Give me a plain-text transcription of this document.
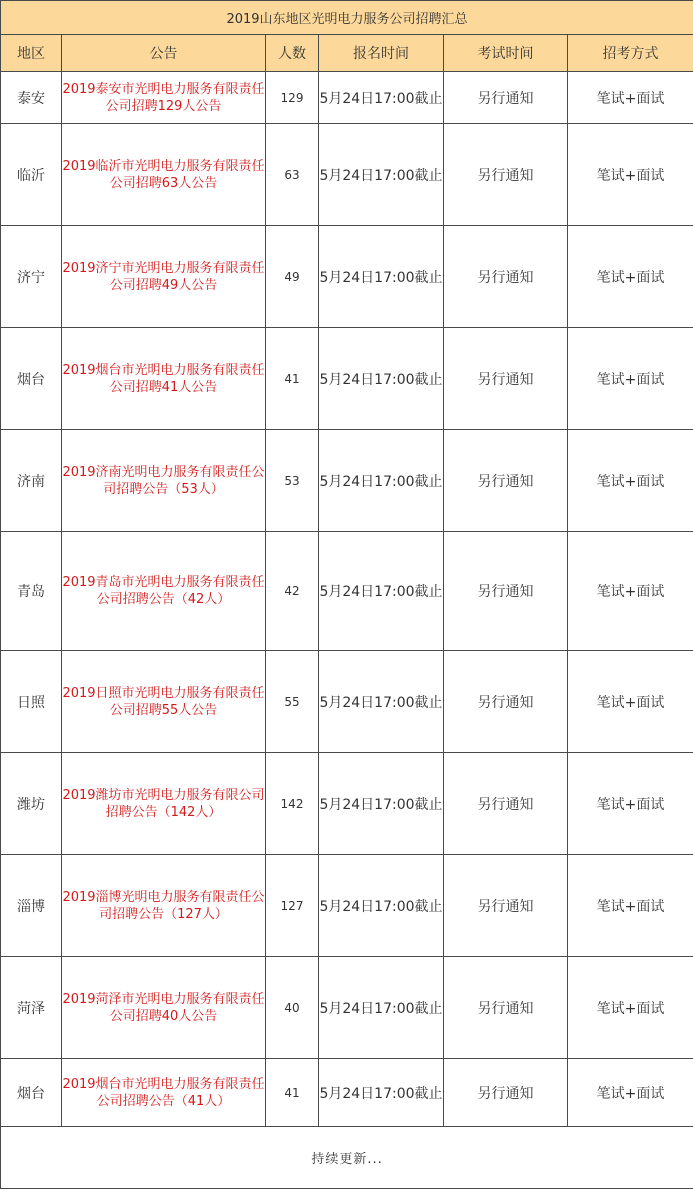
2019山东地区光明电力服务公司招聘汇总					
地区	公告	人数	报名时间	考试时间	招考方式
泰安	2019泰安市光明电力服务有限责任公司招聘129人公告	129	5月24日17:00截止	另行通知	笔试+面试
临沂	2019临沂市光明电力服务有限责任公司招聘63人公告	63	5月24日17:00截止	另行通知	笔试+面试
济宁	2019济宁市光明电力服务有限责任公司招聘49人公告	49	5月24日17:00截止	另行通知	笔试+面试
烟台	2019烟台市光明电力服务有限责任公司招聘41人公告	41	5月24日17:00截止	另行通知	笔试+面试
济南	2019济南光明电力服务有限责任公司招聘公告（53人）	53	5月24日17:00截止	另行通知	笔试+面试
青岛	2019青岛市光明电力服务有限责任公司招聘公告（42人）	42	5月24日17:00截止	另行通知	笔试+面试
日照	2019日照市光明电力服务有限责任公司招聘55人公告	55	5月24日17:00截止	另行通知	笔试+面试
潍坊	2019潍坊市光明电力服务有限公司招聘公告（142人）	142	5月24日17:00截止	另行通知	笔试+面试
淄博	2019淄博光明电力服务有限责任公司招聘公告（127人）	127	5月24日17:00截止	另行通知	笔试+面试
菏泽	2019菏泽市光明电力服务有限责任公司招聘40人公告	40	5月24日17:00截止	另行通知	笔试+面试
烟台	2019烟台市光明电力服务有限责任公司招聘公告（41人）	41	5月24日17:00截止	另行通知	笔试+面试
持续更新...					
